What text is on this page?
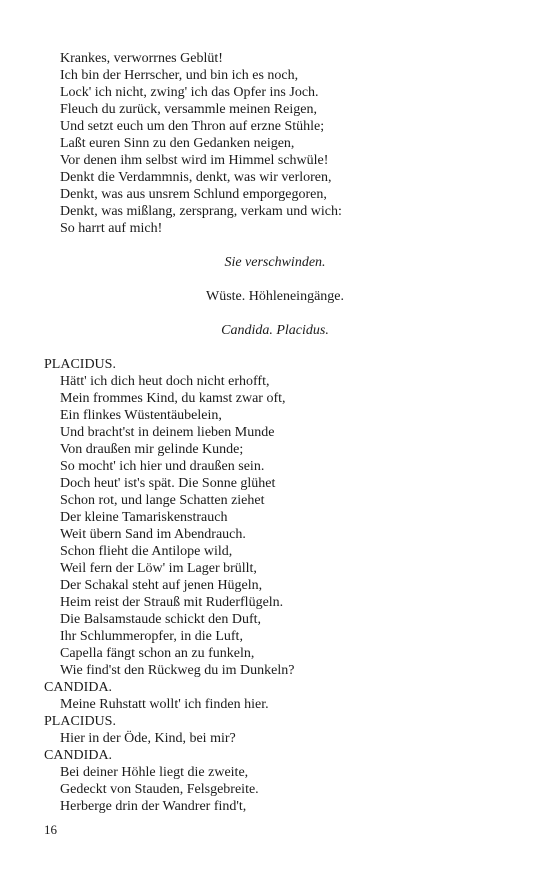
Krankes, verworrnes Geblüt!
Ich bin der Herrscher, und bin ich es noch,
Lock' ich nicht, zwing' ich das Opfer ins Joch.
Fleuch du zurück, versammle meinen Reigen,
Und setzt euch um den Thron auf erzne Stühle;
Laßt euren Sinn zu den Gedanken neigen,
Vor denen ihm selbst wird im Himmel schwüle!
Denkt die Verdammnis, denkt, was wir verloren,
Denkt, was aus unsrem Schlund emporgegoren,
Denkt, was mißlang, zersprang, verkam und wich:
So harrt auf mich!
Sie verschwinden.
Wüste. Höhleneingänge.
Candida. Placidus.
PLACIDUS.
Hätt' ich dich heut doch nicht erhofft,
Mein frommes Kind, du kamst zwar oft,
Ein flinkes Wüstentäubelein,
Und bracht'st in deinem lieben Munde
Von draußen mir gelinde Kunde;
So mocht' ich hier und draußen sein.
Doch heut' ist's spät. Die Sonne glühet
Schon rot, und lange Schatten ziehet
Der kleine Tamariskenstrauch
Weit übern Sand im Abendrauch.
Schon flieht die Antilope wild,
Weil fern der Löw' im Lager brüllt,
Der Schakal steht auf jenen Hügeln,
Heim reist der Strauß mit Ruderflügeln.
Die Balsamstaude schickt den Duft,
Ihr Schlummeropfer, in die Luft,
Capella fängt schon an zu funkeln,
Wie find'st den Rückweg du im Dunkeln?
CANDIDA.
Meine Ruhstatt wollt' ich finden hier.
PLACIDUS.
Hier in der Öde, Kind, bei mir?
CANDIDA.
Bei deiner Höhle liegt die zweite,
Gedeckt von Stauden, Felsgebreite.
Herberge drin der Wandrer find't,
16
